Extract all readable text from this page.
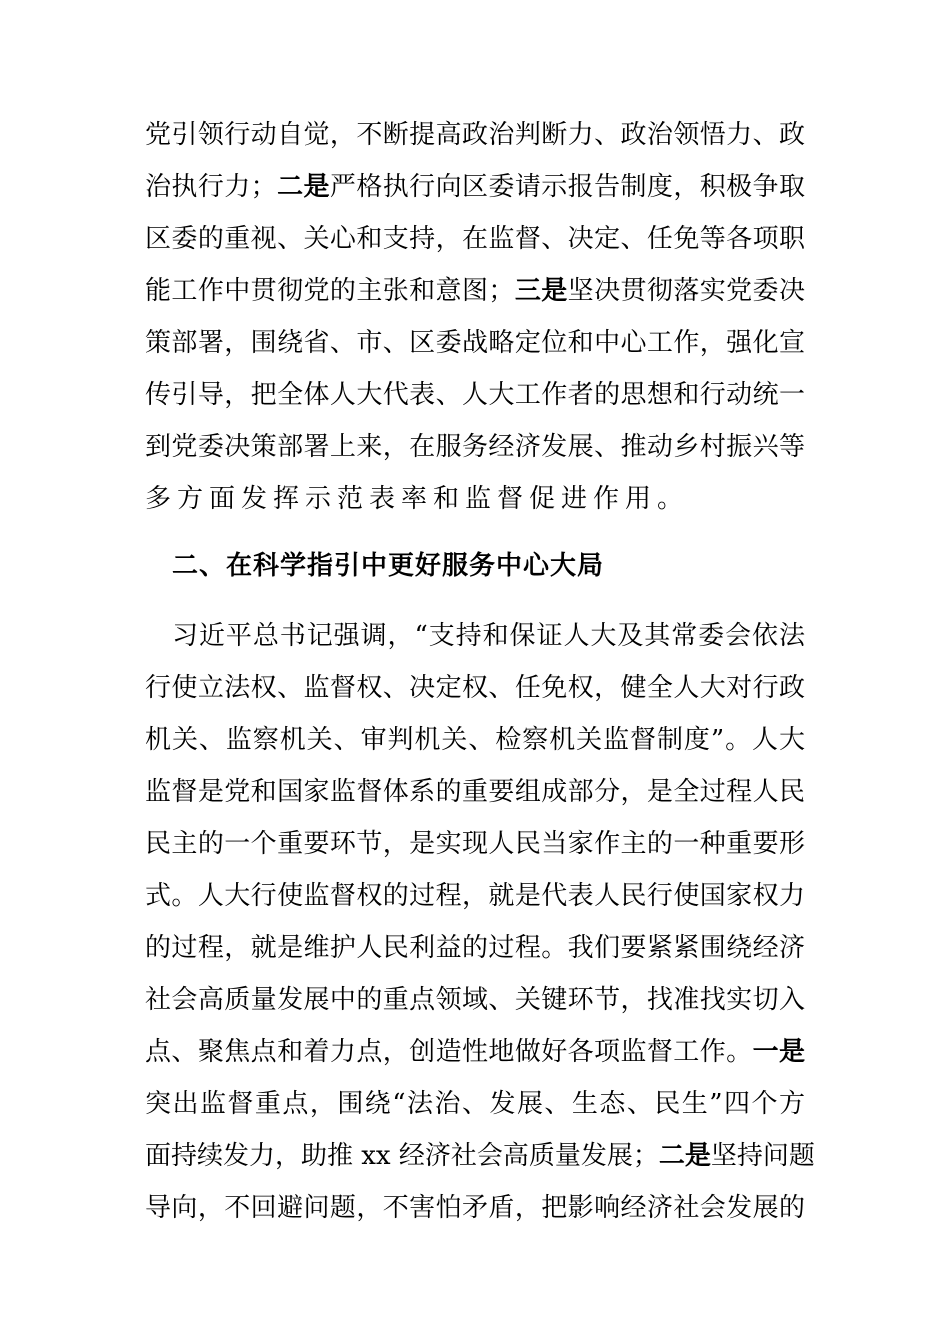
党引领行动自觉，不断提高政治判断力、政治领悟力、政
治执行力；二是严格执行向区委请示报告制度，积极争取
区委的重视、关心和支持，在监督、决定、任免等各项职
能工作中贯彻党的主张和意图；三是坚决贯彻落实党委决
策部署，围绕省、市、区委战略定位和中心工作，强化宣
传引导，把全体人大代表、人大工作者的思想和行动统一
到党委决策部署上来，在服务经济发展、推动乡村振兴等
多方面发挥示范表率和监督促进作用。
二、在科学指引中更好服务中心大局
习近平总书记强调，“支持和保证人大及其常委会依法
行使立法权、监督权、决定权、任免权，健全人大对行政
机关、监察机关、审判机关、检察机关监督制度”。人大
监督是党和国家监督体系的重要组成部分，是全过程人民
民主的一个重要环节，是实现人民当家作主的一种重要形
式。人大行使监督权的过程，就是代表人民行使国家权力
的过程，就是维护人民利益的过程。我们要紧紧围绕经济
社会高质量发展中的重点领域、关键环节，找准找实切入
点、聚焦点和着力点，创造性地做好各项监督工作。一是
突出监督重点，围绕“法治、发展、生态、民生”四个方
面持续发力，助推 xx 经济社会高质量发展；二是坚持问题
导向，不回避问题，不害怕矛盾，把影响经济社会发展的
